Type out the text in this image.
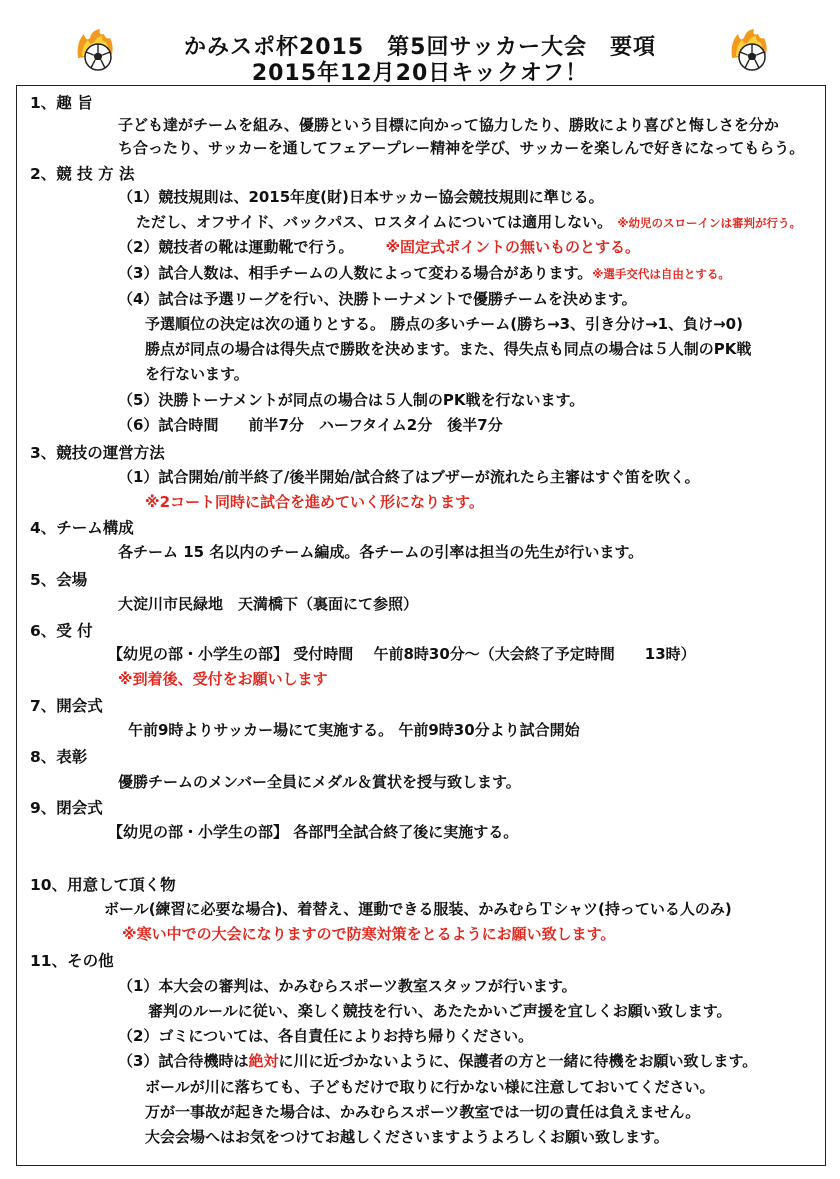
かみスポ杯2015　第5回サッカー大会　要項
2015年12月20日キックオフ！
1、趣 旨
子ども達がチームを組み、優勝という目標に向かって協力したり、勝敗により喜びと悔しさを分か
ち合ったり、サッカーを通してフェアープレー精神を学び、サッカーを楽しんで好きになってもらう。
2、競 技 方 法
（1）競技規則は、2015年度(財)日本サッカー協会競技規則に準じる。
ただし、オフサイド、バックパス、ロスタイムについては適用しない。 ※幼児のスローインは審判が行う。
（2）競技者の靴は運動靴で行う。 ※固定式ポイントの無いものとする。
（3）試合人数は、相手チームの人数によって変わる場合があります。※選手交代は自由とする。
（4）試合は予選リーグを行い、決勝トーナメントで優勝チームを決めます。
予選順位の決定は次の通りとする。 勝点の多いチーム(勝ち→3、引き分け→1、負け→0)
勝点が同点の場合は得失点で勝敗を決めます。また、得失点も同点の場合は５人制のPK戦
を行ないます。
（5）決勝トーナメントが同点の場合は５人制のPK戦を行ないます。
（6）試合時間　　前半7分　ハーフタイム2分　後半7分
3、競技の運営方法
（1）試合開始/前半終了/後半開始/試合終了はブザーが流れたら主審はすぐ笛を吹く。
※2コート同時に試合を進めていく形になります。
4、チーム構成
各チーム 15 名以内のチーム編成。各チームの引率は担当の先生が行います。
5、会場
大淀川市民緑地　天満橋下（裏面にて参照）
6、受 付
【幼児の部・小学生の部】 受付時間　 午前8時30分～（大会終了予定時間　　13時）
※到着後、受付をお願いします
7、開会式
午前9時よりサッカー場にて実施する。 午前9時30分より試合開始
8、表彰
優勝チームのメンバー全員にメダル＆賞状を授与致します。
9、閉会式
【幼児の部・小学生の部】 各部門全試合終了後に実施する。
10、用意して頂く物
ボール(練習に必要な場合)、着替え、運動できる服装、かみむらＴシャツ(持っている人のみ)
※寒い中での大会になりますので防寒対策をとるようにお願い致します。
11、その他
（1）本大会の審判は、かみむらスポーツ教室スタッフが行います。
審判のルールに従い、楽しく競技を行い、あたたかいご声援を宜しくお願い致します。
（2）ゴミについては、各自責任によりお持ち帰りください。
（3）試合待機時は絶対に川に近づかないように、保護者の方と一緒に待機をお願い致します。
ボールが川に落ちても、子どもだけで取りに行かない様に注意しておいてください。
万が一事故が起きた場合は、かみむらスポーツ教室では一切の責任は負えません。
大会会場へはお気をつけてお越しくださいますようよろしくお願い致します。
